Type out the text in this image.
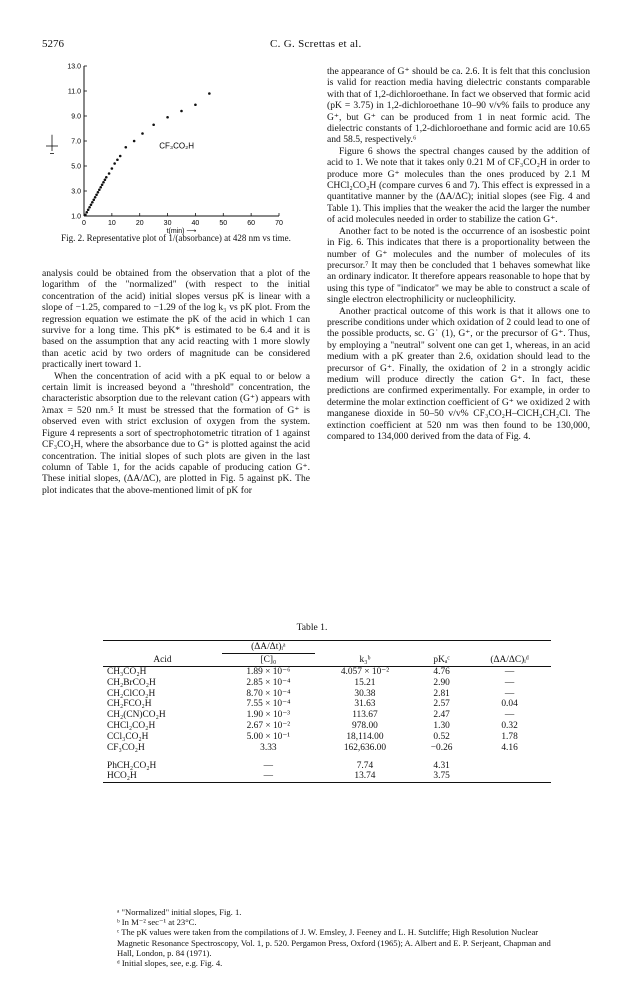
5276	C. G. Screttas et al.
0	10	20	30	40	50	60	70
1.0
3.0
5.0
7.0
9.0
11.0
13.0
t(min) ⟶
CF₃CO₂H
Fig. 2. Representative plot of 1/(absorbance) at 428 nm vs time.

analysis could be obtained from the observation that a plot of the logarithm of the "normalized" (with respect to the initial concentration of the acid) initial slopes versus pK is linear with a slope of −1.25, compared to −1.29 of the log k₃ vs pK plot. From the regression equation we estimate the pK of the acid in which 1 can survive for a long time. This pK* is estimated to be 6.4 and it is based on the assumption that any acid reacting with 1 more slowly than acetic acid by two orders of magnitude can be considered practically inert toward 1.

When the concentration of acid with a pK equal to or below a certain limit is increased beyond a "threshold" concentration, the characteristic absorption due to the relevant cation (G⁺) appears with λmax = 520 nm.⁵ It must be stressed that the formation of G⁺ is observed even with strict exclusion of oxygen from the system. Figure 4 represents a sort of spectrophotometric titration of 1 against CF₃CO₂H, where the absorbance due to G⁺ is plotted against the acid concentration. The initial slopes of such plots are given in the last column of Table 1, for the acids capable of producing cation G⁺. These initial slopes, (ΔA/ΔC), are plotted in Fig. 5 against pK. The plot indicates that the above-mentioned limit of pK for

the appearance of G⁺ should be ca. 2.6. It is felt that this conclusion is valid for reaction media having dielectric constants comparable with that of 1,2-dichloroethane. In fact we observed that formic acid (pK = 3.75) in 1,2-dichloroethane 10–90 v/v% fails to produce any G⁺, but G⁺ can be produced from 1 in neat formic acid. The dielectric constants of 1,2-dichloroethane and formic acid are 10.65 and 58.5, respectively.⁶

Figure 6 shows the spectral changes caused by the addition of acid to 1. We note that it takes only 0.21 M of CF₃CO₂H in order to produce more G⁺ molecules than the ones produced by 2.1 M CHCl₂CO₂H (compare curves 6 and 7). This effect is expressed in a quantitative manner by the (ΔA/ΔC); initial slopes (see Fig. 4 and Table 1). This implies that the weaker the acid the larger the number of acid molecules needed in order to stabilize the cation G⁺.

Another fact to be noted is the occurrence of an isosbestic point in Fig. 6. This indicates that there is a proportionality between the number of G⁺ molecules and the number of molecules of its precursor.⁷ It may then be concluded that 1 behaves somewhat like an ordinary indicator. It therefore appears reasonable to hope that by using this type of "indicator" we may be able to construct a scale of single electron electrophilicity or nucleophilicity.

Another practical outcome of this work is that it allows one to prescribe conditions under which oxidation of 2 could lead to one of the possible products, sc. G˙ (1), G⁺, or the precursor of G⁺. Thus, by employing a "neutral" solvent one can get 1, whereas, in an acid medium with a pK greater than 2.6, oxidation should lead to the precursor of G⁺. Finally, the oxidation of 2 in a strongly acidic medium will produce directly the cation G⁺. In fact, these predictions are confirmed experimentally. For example, in order to determine the molar extinction coefficient of G⁺ we oxidized 2 with manganese dioxide in 50–50 v/v% CF₃CO₂H–ClCH₂CH₂Cl. The extinction coefficient at 520 nm was then found to be 130,000, compared to 134,000 derived from the data of Fig. 4.

Table 1.
	(ΔA/Δt)ᵢᵃ			
Acid	[C]₀	k₃ᵇ	pKₐᶜ	(ΔA/ΔC)ᵢᵈ
CH₃CO₂H	1.89 × 10⁻⁶	4.057 × 10⁻²	4.76	—
CH₂BrCO₂H	2.85 × 10⁻⁴	15.21	2.90	—
CH₂ClCO₂H	8.70 × 10⁻⁴	30.38	2.81	—
CH₂FCO₂H	7.55 × 10⁻⁴	31.63	2.57	0.04
CH₂(CN)CO₂H	1.90 × 10⁻³	113.67	2.47	—
CHCl₂CO₂H	2.67 × 10⁻²	978.00	1.30	0.32
CCl₃CO₂H	5.00 × 10⁻¹	18,114.00	0.52	1.78
CF₃CO₂H	3.33	162,636.00	−0.26	4.16
PhCH₂CO₂H	—	7.74	4.31	
HCO₂H	—	13.74	3.75	
ᵃ "Normalized" initial slopes, Fig. 1.
ᵇ In M⁻² sec⁻¹ at 23°C.
ᶜ The pK values were taken from the compilations of J. W. Emsley, J. Feeney and L. H. Sutcliffe; High Resolution Nuclear Magnetic Resonance Spectroscopy, Vol. 1, p. 520. Pergamon Press, Oxford (1965); A. Albert and E. P. Serjeant, Chapman and Hall, London, p. 84 (1971).
ᵈ Initial slopes, see, e.g. Fig. 4.
